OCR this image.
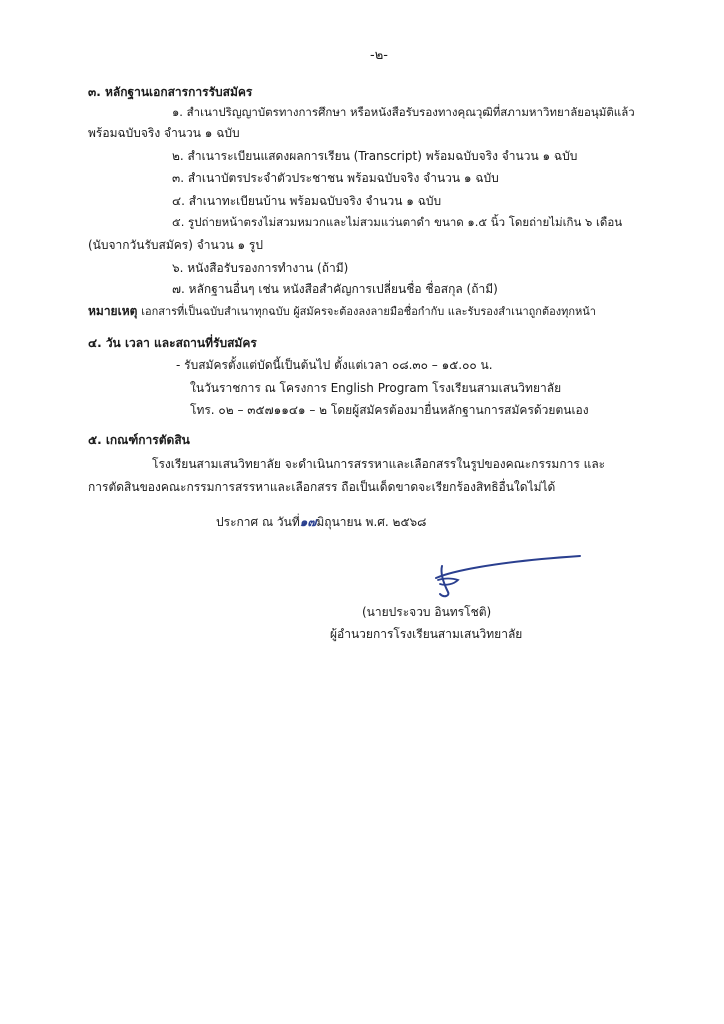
-๒-
๓. หลักฐานเอกสารการรับสมัคร
๑. สำเนาปริญญาบัตรทางการศึกษา หรือหนังสือรับรองทางคุณวุฒิที่สภามหาวิทยาลัยอนุมัติแล้ว
พร้อมฉบับจริง จำนวน ๑ ฉบับ
๒. สำเนาระเบียนแสดงผลการเรียน (Transcript) พร้อมฉบับจริง จำนวน ๑ ฉบับ
๓. สำเนาบัตรประจำตัวประชาชน พร้อมฉบับจริง จำนวน ๑ ฉบับ
๔. สำเนาทะเบียนบ้าน พร้อมฉบับจริง จำนวน ๑ ฉบับ
๕. รูปถ่ายหน้าตรงไม่สวมหมวกและไม่สวมแว่นตาดำ ขนาด ๑.๕ นิ้ว โดยถ่ายไม่เกิน ๖ เดือน
(นับจากวันรับสมัคร) จำนวน ๑ รูป
๖. หนังสือรับรองการทำงาน (ถ้ามี)
๗. หลักฐานอื่นๆ เช่น หนังสือสำคัญการเปลี่ยนชื่อ ชื่อสกุล (ถ้ามี)
หมายเหตุ เอกสารที่เป็นฉบับสำเนาทุกฉบับ ผู้สมัครจะต้องลงลายมือชื่อกำกับ และรับรองสำเนาถูกต้องทุกหน้า
๔. วัน เวลา และสถานที่รับสมัคร
- รับสมัครตั้งแต่บัดนี้เป็นต้นไป ตั้งแต่เวลา ๐๘.๓๐ – ๑๕.๐๐ น.
ในวันราชการ ณ โครงการ English Program โรงเรียนสามเสนวิทยาลัย
โทร. ๐๒ – ๓๕๗๑๑๔๑ – ๒ โดยผู้สมัครต้องมายื่นหลักฐานการสมัครด้วยตนเอง
๕. เกณฑ์การตัดสิน
โรงเรียนสามเสนวิทยาลัย จะดำเนินการสรรหาและเลือกสรรในรูปของคณะกรรมการ และ
การตัดสินของคณะกรรมการสรรหาและเลือกสรร ถือเป็นเด็ดขาดจะเรียกร้องสิทธิอื่นใดไม่ได้
ประกาศ ณ วันที่๑๗มิถุนายน พ.ศ. ๒๕๖๘
(นายประจวบ อินทรโชติ)
ผู้อำนวยการโรงเรียนสามเสนวิทยาลัย
